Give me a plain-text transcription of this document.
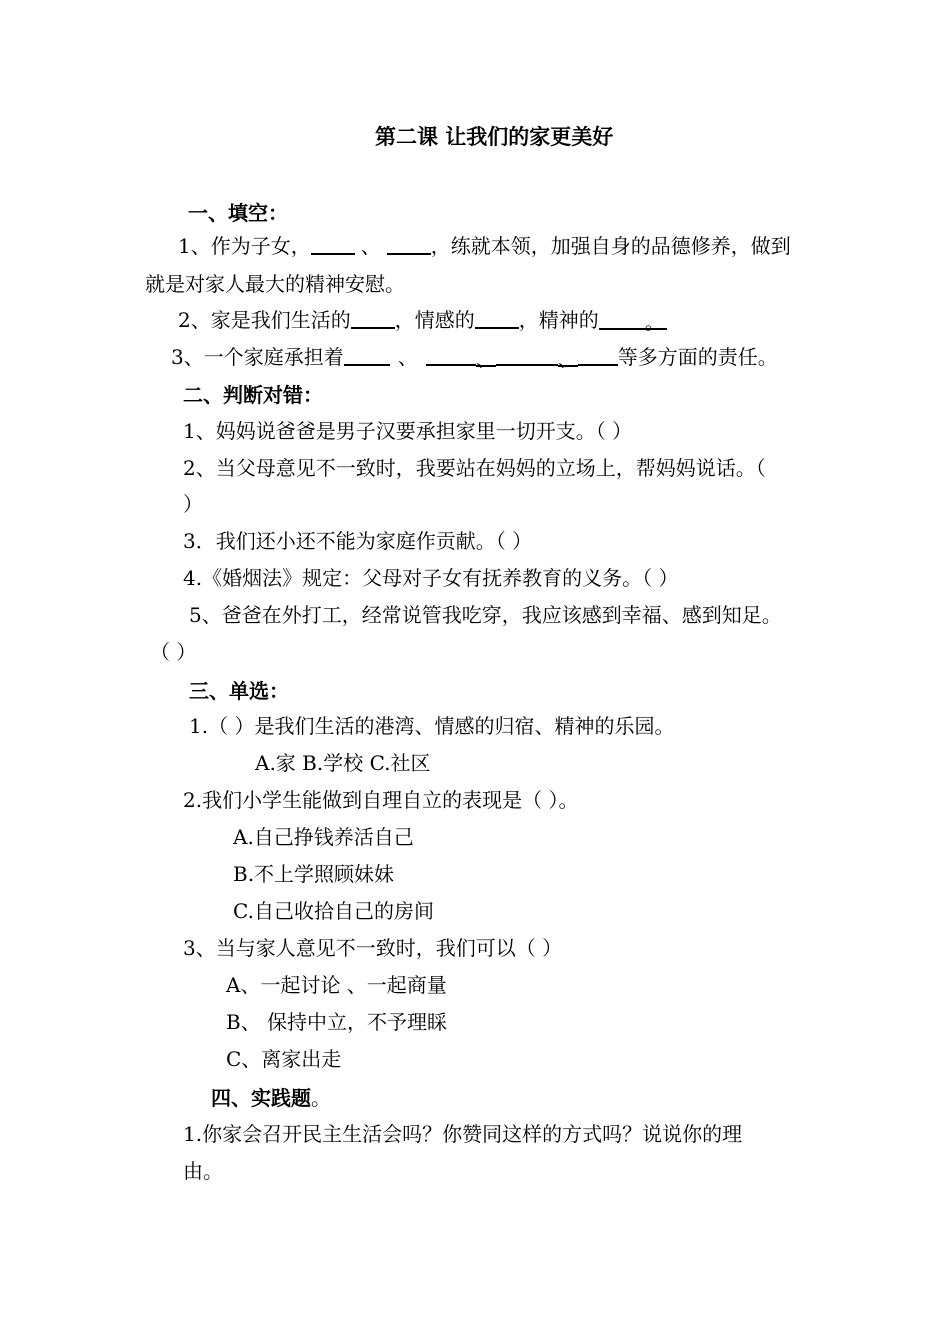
第二课 让我们的家更美好
一、填空：
1、作为子女，	、	，练就本领，加强自身的品德修养，做到
就是对家人最大的精神安慰。
2、家是我们生活的 ，情感的 ，精神的 。
3、一个家庭承担着	、	、	、 等多方面的责任。
二、判断对错：
1、妈妈说爸爸是男子汉要承担家里一切开支。（ ）
2、当父母意见不一致时，我要站在妈妈的立场上，帮妈妈说话。（
）
3．我们还小还不能为家庭作贡献。（ ）
4.《婚烟法》规定：父母对子女有抚养教育的义务。（ ）
5、爸爸在外打工，经常说管我吃穿，我应该感到幸福、感到知足。
（ ）
三、单选：
1.（ ）是我们生活的港湾、情感的归宿、精神的乐园。
A.家 B.学校 C.社区
2.我们小学生能做到自理自立的表现是（ ）。
A.自己挣钱养活自己
B.不上学照顾妹妹
C.自己收拾自己的房间
3、当与家人意见不一致时，我们可以（ ）
A、一起讨论 、一起商量
B、 保持中立，不予理睬
C、离家出走
四、实践题。
1.你家会召开民主生活会吗？你赞同这样的方式吗？说说你的理
由。
